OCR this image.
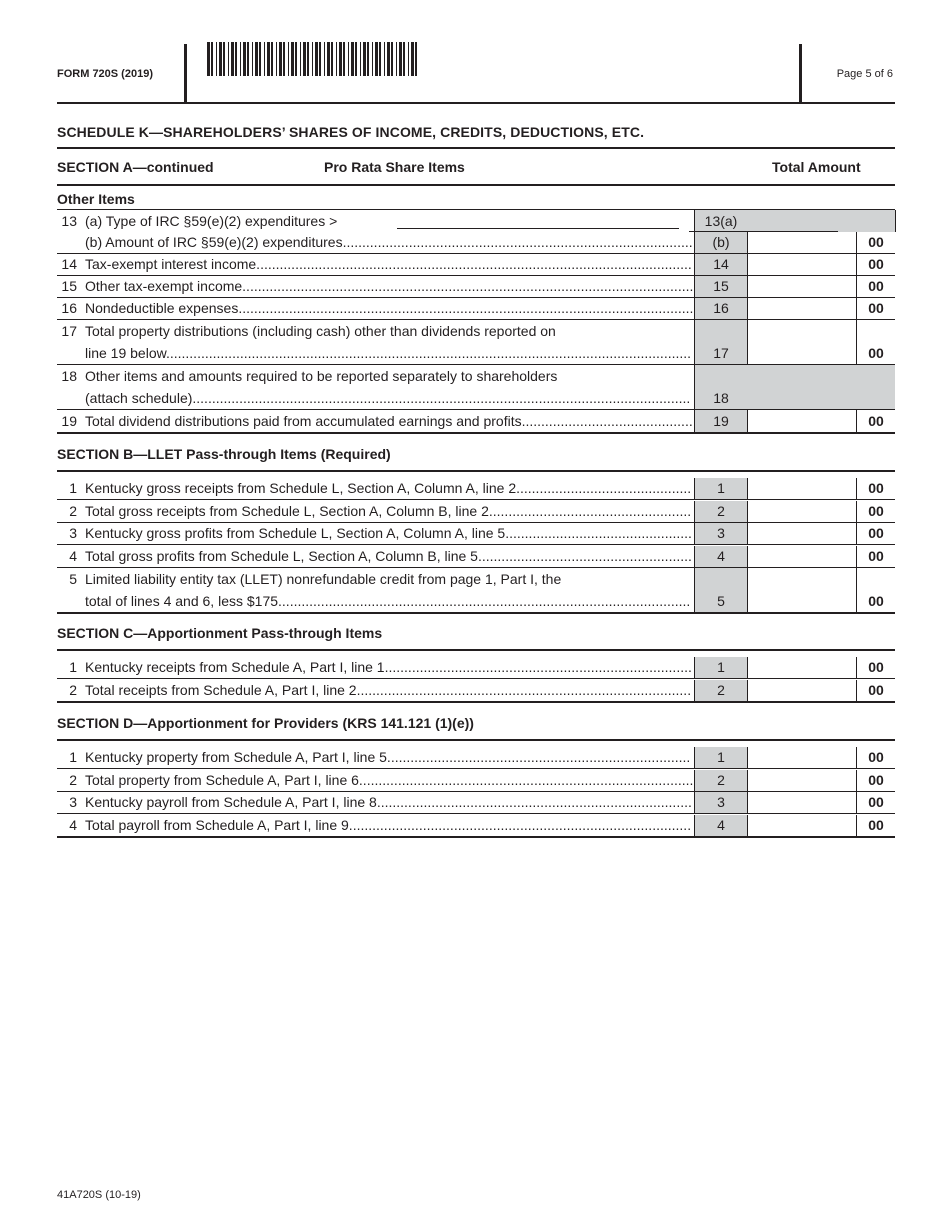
FORM 720S (2019)	Page 5 of 6
SCHEDULE K—SHAREHOLDERS’ SHARES OF INCOME, CREDITS, DEDUCTIONS, ETC.
SECTION A—continued	Pro Rata Share Items	Total Amount
Other Items
13 (a) Type of IRC §59(e)(2) expenditures >	13(a)
(b) Amount of IRC §59(e)(2) expenditures..........................................................................................	(b)	00
14 Tax-exempt interest income................................................................................................................	14	00
15 Other tax-exempt income....................................................................................................................	15	00
16 Nondeductible expenses.....................................................................................................................	16	00
17 Total property distributions (including cash) other than dividends reported on
line 19 below.......................................................................................................................................	17	00
18 Other items and amounts required to be reported separately to shareholders
(attach schedule)................................................................................................................................	18
19 Total dividend distributions paid from accumulated earnings and profits............................................	19	00
SECTION B—LLET Pass-through Items (Required)
1 Kentucky gross receipts from Schedule L, Section A, Column A, line 2.............................................	1	00
2 Total gross receipts from Schedule L, Section A, Column B, line 2....................................................	2	00
3 Kentucky gross profits from Schedule L, Section A, Column A, line 5................................................	3	00
4 Total gross profits from Schedule L, Section A, Column B, line 5.......................................................	4	00
5 Limited liability entity tax (LLET) nonrefundable credit from page 1, Part I, the
total of lines 4 and 6, less $175..........................................................................................................	5	00
SECTION C—Apportionment Pass-through Items
1 Kentucky receipts from Schedule A, Part I, line 1...............................................................................	1	00
2 Total receipts from Schedule A, Part I, line 2......................................................................................	2	00
SECTION D—Apportionment for Providers (KRS 141.121 (1)(e))
1 Kentucky property from Schedule A, Part I, line 5..............................................................................	1	00
2 Total property from Schedule A, Part I, line 6......................................................................................	2	00
3 Kentucky payroll from Schedule A, Part I, line 8.................................................................................	3	00
4 Total payroll from Schedule A, Part I, line 9........................................................................................	4	00
41A720S (10-19)
